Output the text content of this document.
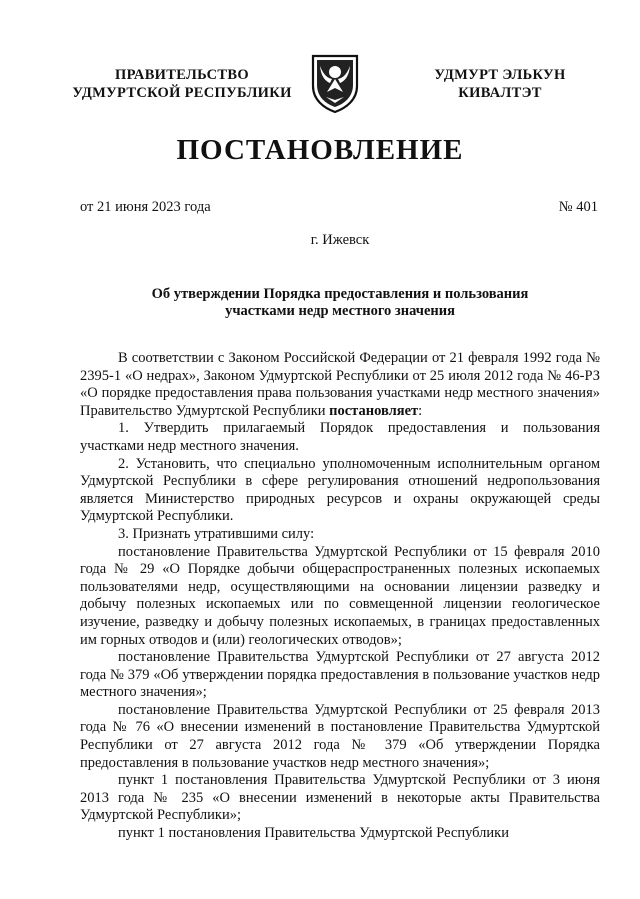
ПРАВИТЕЛЬСТВО
УДМУРТСКОЙ РЕСПУБЛИКИ
УДМУРТ ЭЛЬКУН
КИВАЛТЭТ
ПОСТАНОВЛЕНИЕ
от 21 июня 2023 года	№ 401
г. Ижевск
Об утверждении Порядка предоставления и пользования
участками недр местного значения

В соответствии с Законом Российской Федерации от 21 февраля 1992 года № 2395-1 «О недрах», Законом Удмуртской Республики от 25 июля 2012 года № 46-РЗ «О порядке предоставления права пользования участками недр местного значения» Правительство Удмуртской Республики постановляет:

1. Утвердить прилагаемый Порядок предоставления и пользования участками недр местного значения.

2. Установить, что специально уполномоченным исполнительным органом Удмуртской Республики в сфере регулирования отношений недропользования является Министерство природных ресурсов и охраны окружающей среды Удмуртской Республики.

3. Признать утратившими силу:

постановление Правительства Удмуртской Республики от 15 февраля 2010 года № 29 «О Порядке добычи общераспространенных полезных ископаемых пользователями недр, осуществляющими на основании лицензии разведку и добычу полезных ископаемых или по совмещенной лицензии геологическое изучение, разведку и добычу полезных ископаемых, в границах предоставленных им горных отводов и (или) геологических отводов»;

постановление Правительства Удмуртской Республики от 27 августа 2012 года № 379 «Об утверждении порядка предоставления в пользование участков недр местного значения»;

постановление Правительства Удмуртской Республики от 25 февраля 2013 года № 76 «О внесении изменений в постановление Правительства Удмуртской Республики от 27 августа 2012 года № 379 «Об утверждении Порядка предоставления в пользование участков недр местного значения»;

пункт 1 постановления Правительства Удмуртской Республики от 3 июня 2013 года № 235 «О внесении изменений в некоторые акты Правительства Удмуртской Республики»;

пункт 1 постановления Правительства Удмуртской Республики
